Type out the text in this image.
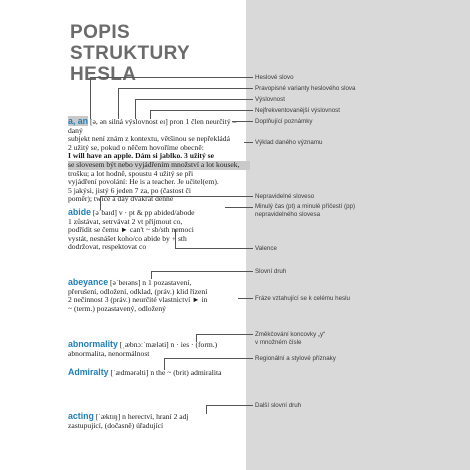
POPIS STRUKTURY
HESLA
a, an [ə, ən silná výslovnost eɪ] pron 1 člen neurčitý – daný
subjekt není znám z kontextu, většinou se nepřekládá
2 užitý se, pokud o něčem hovoříme obecně:
I will have an apple. Dám si jablko. 3 užitý se
se slovesem být nebo vyjádřením množství a lot kousek,
trošku; a lot hodně, spoustu 4 užitý se při
vyjádření povolání: He is a teacher. Je učitel(em).
5 jakýsi, jistý 6 jeden 7 za, po (častost či
poměr); twice a day dvakrát denně
abide [əˈbaɪd] v · pt & pp abided/abode
1 zůstávat, setrvávat 2 vt přijmout co,
podřídit se čemu ► can't ~ sb/sth nemoci
vystát, nesnášet koho/co abide by + sth
dodržovat, respektovat co
abeyance [əˈbeɪəns] n 1 pozastavení,
přerušení, odložení, odklad, (práv.) klid řízení
2 nečinnost 3 (práv.) neurčité vlastnictví ► in
~ (term.) pozastavený, odložený
abnormality [ˌæbnɔːˈmæləti] n · ies · (form.)
abnormalita, nenormálnost
Admiralty [ˈædmərəlti] n the ~ (brit) admiralita
acting [ˈæktɪŋ] n herectví, hraní 2 adj
zastupující, (dočasně) úřadující
Heslové slovo
Pravopisné varianty heslového slova
Výslovnost
Nejfrekventovanější výslovnost
Doplňující poznámky
Výklad daného významu
Nepravidelné sloveso
Minulý čas (pt) a minulé příčestí (pp)
nepravidelného slovesa
Valence
Slovní druh
Fráze vztahující se k celému heslu
Změkčování koncovky „y“
v množném čísle
Regionální a stylové příznaky
Další slovní druh
